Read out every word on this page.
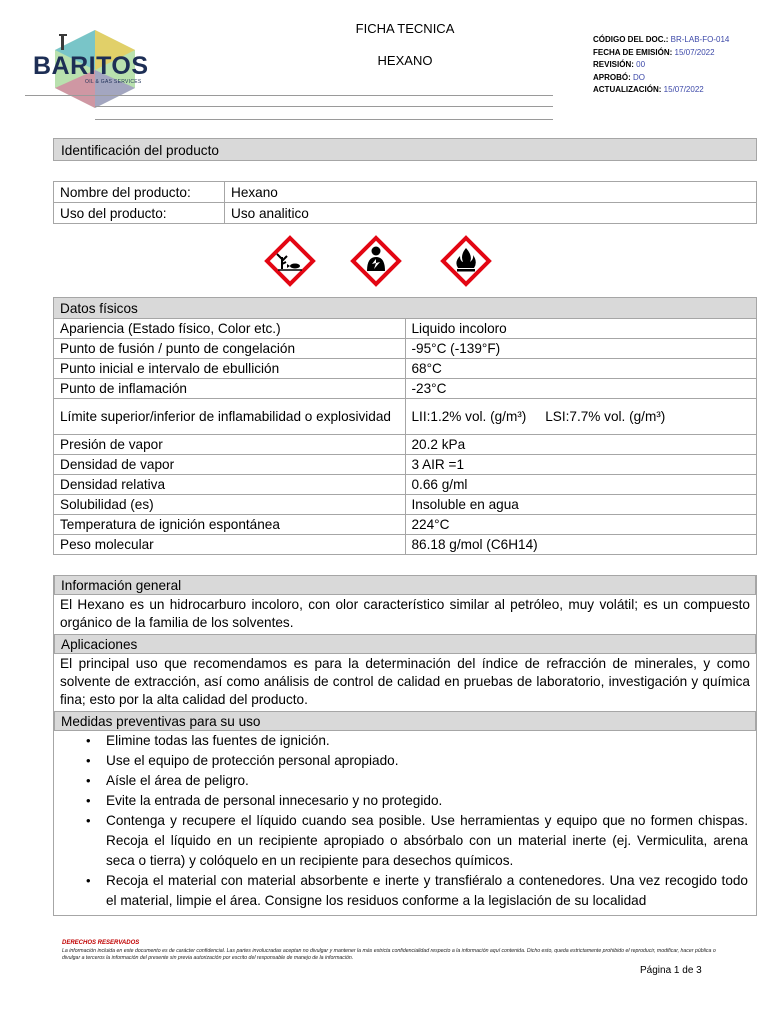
BARITOS
OIL & GAS SERVICES
FICHA TECNICA
HEXANO
CÓDIGO DEL DOC.: BR-LAB-FO-014
FECHA DE EMISIÓN: 15/07/2022
REVISIÓN: 00
APROBÓ: DO
ACTUALIZACIÓN: 15/07/2022
Identificación del producto
Nombre del producto:	Hexano
Uso del producto:	Uso analitico
Datos físicos	
Apariencia (Estado físico, Color etc.)	Liquido incoloro
Punto de fusión / punto de congelación	-95°C (-139°F)
Punto inicial e intervalo de ebullición	68°C
Punto de inflamación	-23°C
Límite superior/inferior de inflamabilidad o explosividad	LII:1.2% vol. (g/m³)     LSI:7.7% vol. (g/m³)
Presión de vapor	20.2 kPa
Densidad de vapor	3 AIR =1
Densidad relativa	0.66 g/ml
Solubilidad (es)	Insoluble en agua
Temperatura de ignición espontánea	224°C
Peso molecular	86.18 g/mol (C6H14)
Información general
El Hexano es un hidrocarburo incoloro, con olor característico similar al petróleo, muy volátil; es un compuesto orgánico de la familia de los solventes.
Aplicaciones
El principal uso que recomendamos es para la determinación del índice de refracción de minerales, y como solvente de extracción, así como análisis de control de calidad en pruebas de laboratorio, investigación y química fina; esto por la alta calidad del producto.
Medidas preventivas para su uso
• Elimine todas las fuentes de ignición.
• Use el equipo de protección personal apropiado.
• Aísle el área de peligro.
• Evite la entrada de personal innecesario y no protegido.
• Contenga y recupere el líquido cuando sea posible. Use herramientas y equipo que no formen chispas. Recoja el líquido en un recipiente apropiado o absórbalo con un material inerte (ej. Vermiculita, arena seca o tierra) y colóquelo en un recipiente para desechos químicos.
• Recoja el material con material absorbente e inerte y transfiéralo a contenedores. Una vez recogido todo el material, limpie el área. Consigne los residuos conforme a la legislación de su localidad
DERECHOS RESERVADOS
La información incluida en este documento es de carácter confidencial. Las partes involucradas aceptan no divulgar y mantener la más estricta confidencialidad respecto a la información aquí contenida. Dicho esto, queda estrictamente prohibido el reproducir, modificar, hacer pública o divulgar a terceros la información del presente sin previa autorización por escrito del responsable de manejo de la información.
Página 1 de 3
